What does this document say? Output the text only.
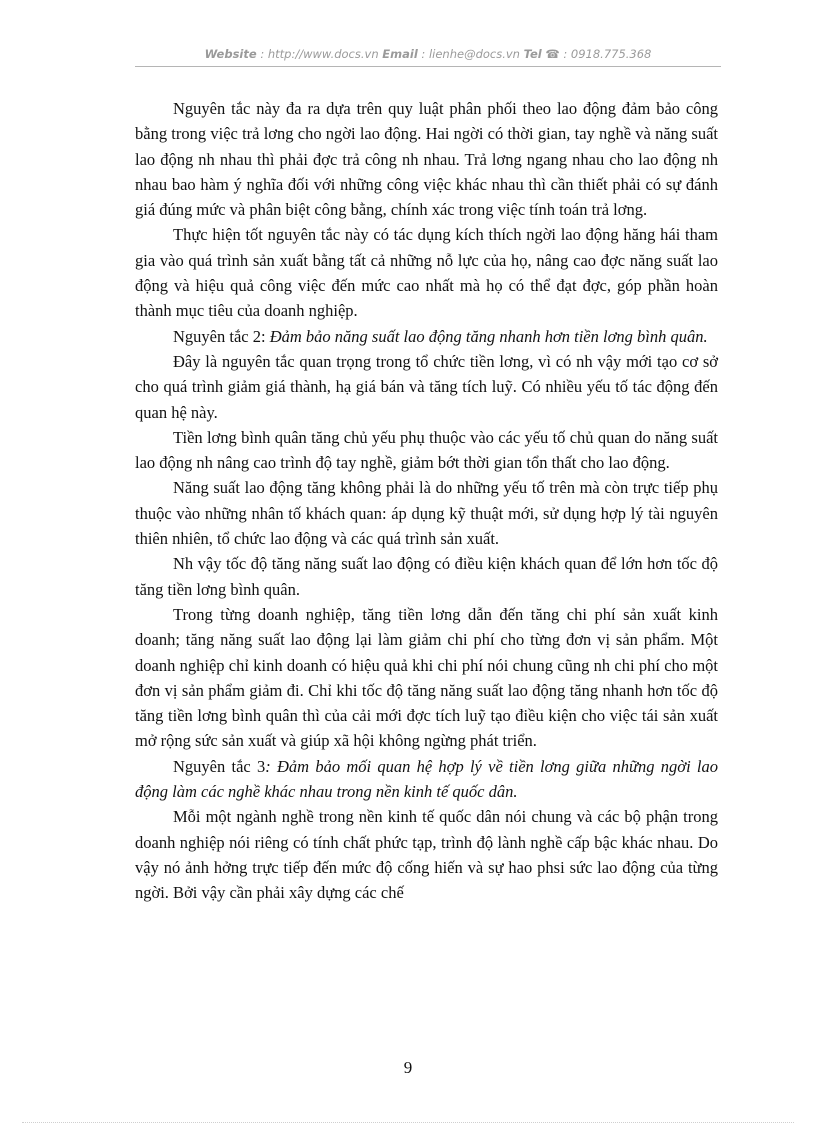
Website : http://www.docs.vn Email : lienhe@docs.vn Tel ☎ : 0918.775.368

Nguyên tắc này đa ra dựa trên quy luật phân phối theo lao động đảm bảo công bằng trong việc trả lơng cho ngời lao động. Hai ngời có thời gian, tay nghề và năng suất lao động nh nhau thì phải đợc trả công nh nhau. Trả lơng ngang nhau cho lao động nh nhau bao hàm ý nghĩa đối với những công việc khác nhau thì cần thiết phải có sự đánh giá đúng mức và phân biệt công bằng, chính xác trong việc tính toán trả lơng.

Thực hiện tốt nguyên tắc này có tác dụng kích thích ngời lao động hăng hái tham gia vào quá trình sản xuất bằng tất cả những nỗ lực của họ, nâng cao đợc năng suất lao động và hiệu quả công việc đến mức cao nhất mà họ có thể đạt đợc, góp phần hoàn thành mục tiêu của doanh nghiệp.

Nguyên tắc 2: Đảm bảo năng suất lao động tăng nhanh hơn tiền lơng bình quân.

Đây là nguyên tắc quan trọng trong tổ chức tiền lơng, vì có nh vậy mới tạo cơ sở cho quá trình giảm giá thành, hạ giá bán và tăng tích luỹ. Có nhiều yếu tố tác động đến quan hệ này.

Tiền lơng bình quân tăng chủ yếu phụ thuộc vào các yếu tố chủ quan do năng suất lao động nh nâng cao trình độ tay nghề, giảm bớt thời gian tổn thất cho lao động.

Năng suất lao động tăng không phải là do những yếu tố trên mà còn trực tiếp phụ thuộc vào những nhân tố khách quan: áp dụng kỹ thuật mới, sử dụng hợp lý tài nguyên thiên nhiên, tổ chức lao động và các quá trình sản xuất.

Nh vậy tốc độ tăng năng suất lao động có điều kiện khách quan để lớn hơn tốc độ tăng tiền lơng bình quân.

Trong từng doanh nghiệp, tăng tiền lơng dẫn đến tăng chi phí sản xuất kinh doanh; tăng năng suất lao động lại làm giảm chi phí cho từng đơn vị sản phẩm. Một doanh nghiệp chỉ kinh doanh có hiệu quả khi chi phí nói chung cũng nh chi phí cho một đơn vị sản phẩm giảm đi. Chỉ khi tốc độ tăng năng suất lao động tăng nhanh hơn tốc độ tăng tiền lơng bình quân thì của cải mới đợc tích luỹ tạo điều kiện cho việc tái sản xuất mở rộng sức sản xuất và giúp xã hội không ngừng phát triển.

Nguyên tắc 3: Đảm bảo mối quan hệ hợp lý về tiền lơng giữa những ngời lao động làm các nghề khác nhau trong nền kinh tế quốc dân.

Mỗi một ngành nghề trong nền kinh tế quốc dân nói chung và các bộ phận trong doanh nghiệp nói riêng có tính chất phức tạp, trình độ lành nghề cấp bậc khác nhau. Do vậy nó ảnh hởng trực tiếp đến mức độ cống hiến và sự hao phsi sức lao động của từng ngời. Bởi vậy cần phải xây dựng các chế

9
